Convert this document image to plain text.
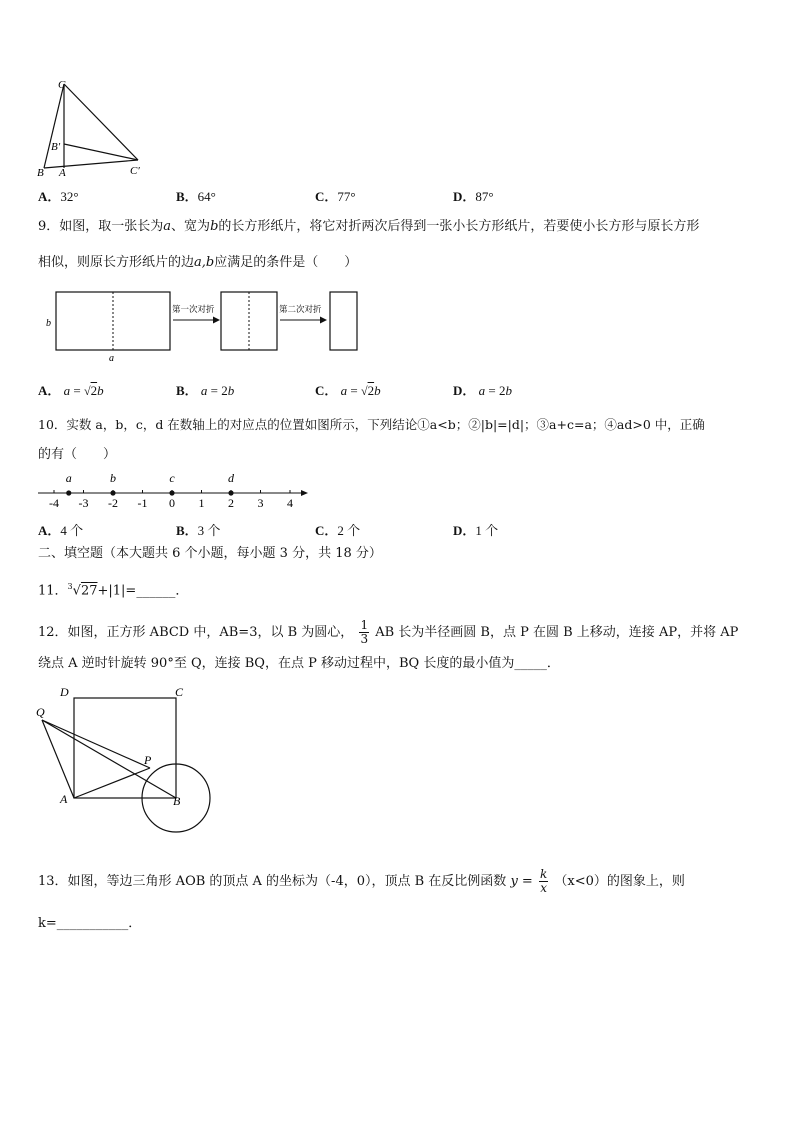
C
B′
B A	C′
A．32°	B．64°	C．77°	D．87°
9．如图，取一张长为a、宽为b的长方形纸片，将它对折两次后得到一张小长方形纸片，若要使小长方形与原长方形
相似，则原长方形纸片的边a,b应满足的条件是（　　）
b
a
第一次对折	第二次对折
A． a = √2b	B． a = 2b	C． a = √2b	D． a = 2b
10．实数 a，b，c，d 在数轴上的对应点的位置如图所示，下列结论①a<b；②|b|=|d|；③a+c=a；④ad>0 中，正确
的有（　　）
-4 -3 -2 -1 0 1 2 3 4
a	b	c	d
A．4 个	B．3 个	C．2 个	D．1 个
二、填空题（本大题共 6 个小题，每小题 3 分，共 18 分）
11．$^3$√27+|1|=______．
12．如图，正方形 ABCD 中，AB=3，以 B 为圆心， $\frac{1}{3}$ AB 长为半径画圆 B，点 P 在圆 B 上移动，连接 AP，并将 AP
绕点 A 逆时针旋转 90°至 Q，连接 BQ，在点 P 移动过程中，BQ 长度的最小值为_____．
D	C
Q
P
A	B
13．如图，等边三角形 AOB 的顶点 A 的坐标为（-4，0），顶点 B 在反比例函数 $y = \frac{k}{x} (x<0)$的图象上，则
k=___________．
